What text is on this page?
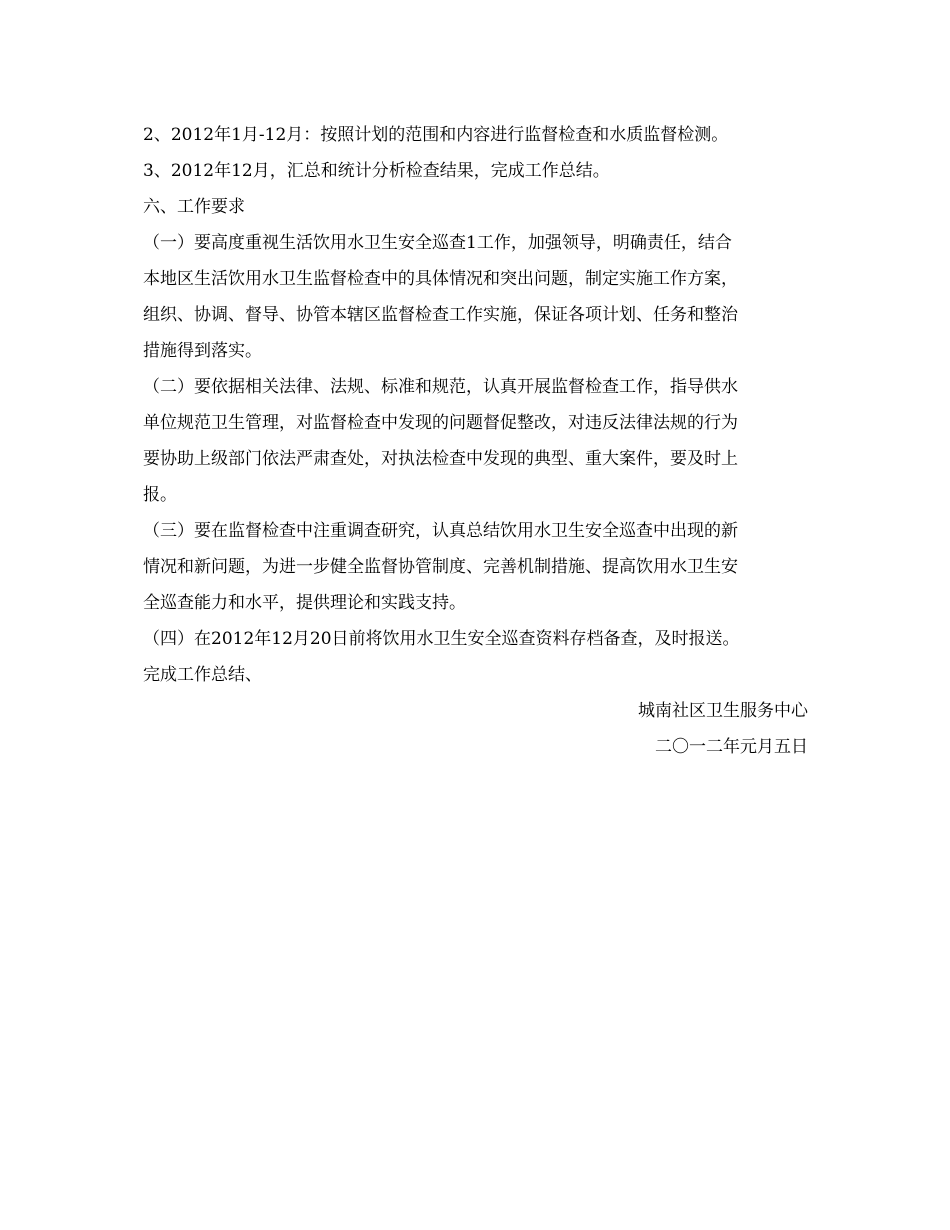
2、2012年1月-12月：按照计划的范围和内容进行监督检查和水质监督检测。
3、2012年12月，汇总和统计分析检查结果，完成工作总结。
六、工作要求
（一）要高度重视生活饮用水卫生安全巡查1工作，加强领导，明确责任，结合
本地区生活饮用水卫生监督检查中的具体情况和突出问题，制定实施工作方案，
组织、协调、督导、协管本辖区监督检查工作实施，保证各项计划、任务和整治
措施得到落实。
（二）要依据相关法律、法规、标准和规范，认真开展监督检查工作，指导供水
单位规范卫生管理，对监督检查中发现的问题督促整改，对违反法律法规的行为
要协助上级部门依法严肃查处，对执法检查中发现的典型、重大案件，要及时上
报。
（三）要在监督检查中注重调查研究，认真总结饮用水卫生安全巡查中出现的新
情况和新问题，为进一步健全监督协管制度、完善机制措施、提高饮用水卫生安
全巡查能力和水平，提供理论和实践支持。
（四）在2012年12月20日前将饮用水卫生安全巡查资料存档备查，及时报送。
完成工作总结、
城南社区卫生服务中心
二〇一二年元月五日
